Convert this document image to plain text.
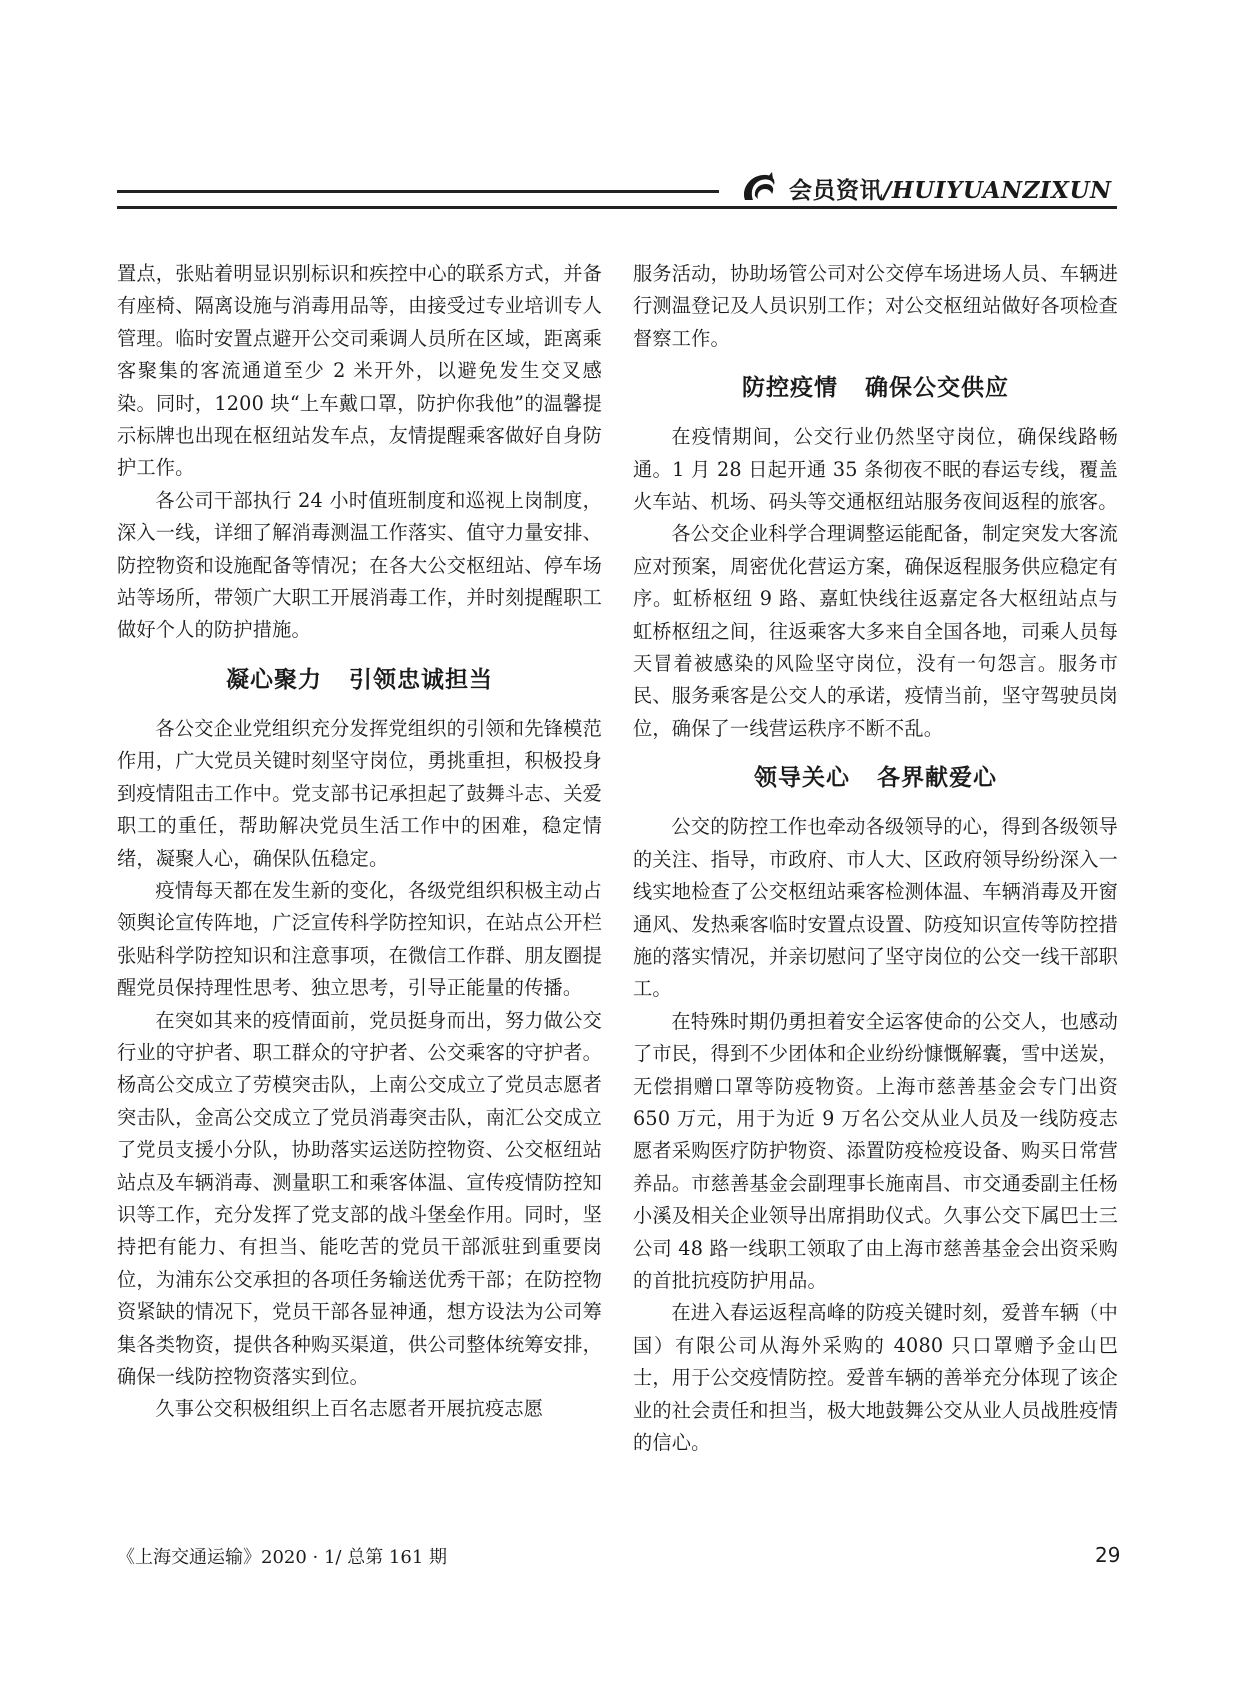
会员资讯/HUIYUANZIXUN

置点，张贴着明显识别标识和疾控中心的联系方式，并备有座椅、隔离设施与消毒用品等，由接受过专业培训专人管理。临时安置点避开公交司乘调人员所在区域，距离乘客聚集的客流通道至少 2 米开外，以避免发生交叉感染。同时，1200 块“上车戴口罩，防护你我他”的温馨提示标牌也出现在枢纽站发车点，友情提醒乘客做好自身防护工作。

各公司干部执行 24 小时值班制度和巡视上岗制度，深入一线，详细了解消毒测温工作落实、值守力量安排、防控物资和设施配备等情况；在各大公交枢纽站、停车场站等场所，带领广大职工开展消毒工作，并时刻提醒职工做好个人的防护措施。

凝心聚力   引领忠诚担当

各公交企业党组织充分发挥党组织的引领和先锋模范作用，广大党员关键时刻坚守岗位，勇挑重担，积极投身到疫情阻击工作中。党支部书记承担起了鼓舞斗志、关爱职工的重任，帮助解决党员生活工作中的困难，稳定情绪，凝聚人心，确保队伍稳定。

疫情每天都在发生新的变化，各级党组织积极主动占领舆论宣传阵地，广泛宣传科学防控知识，在站点公开栏张贴科学防控知识和注意事项，在微信工作群、朋友圈提醒党员保持理性思考、独立思考，引导正能量的传播。

在突如其来的疫情面前，党员挺身而出，努力做公交行业的守护者、职工群众的守护者、公交乘客的守护者。杨高公交成立了劳模突击队，上南公交成立了党员志愿者突击队，金高公交成立了党员消毒突击队，南汇公交成立了党员支援小分队，协助落实运送防控物资、公交枢纽站站点及车辆消毒、测量职工和乘客体温、宣传疫情防控知识等工作，充分发挥了党支部的战斗堡垒作用。同时，坚持把有能力、有担当、能吃苦的党员干部派驻到重要岗位，为浦东公交承担的各项任务输送优秀干部；在防控物资紧缺的情况下，党员干部各显神通，想方设法为公司筹集各类物资，提供各种购买渠道，供公司整体统筹安排，确保一线防控物资落实到位。

久事公交积极组织上百名志愿者开展抗疫志愿

服务活动，协助场管公司对公交停车场进场人员、车辆进行测温登记及人员识别工作；对公交枢纽站做好各项检查督察工作。

防控疫情   确保公交供应

在疫情期间，公交行业仍然坚守岗位，确保线路畅通。1 月 28 日起开通 35 条彻夜不眠的春运专线，覆盖火车站、机场、码头等交通枢纽站服务夜间返程的旅客。

各公交企业科学合理调整运能配备，制定突发大客流应对预案，周密优化营运方案，确保返程服务供应稳定有序。虹桥枢纽 9 路、嘉虹快线往返嘉定各大枢纽站点与虹桥枢纽之间，往返乘客大多来自全国各地，司乘人员每天冒着被感染的风险坚守岗位，没有一句怨言。服务市民、服务乘客是公交人的承诺，疫情当前，坚守驾驶员岗位，确保了一线营运秩序不断不乱。

领导关心   各界献爱心

公交的防控工作也牵动各级领导的心，得到各级领导的关注、指导，市政府、市人大、区政府领导纷纷深入一线实地检查了公交枢纽站乘客检测体温、车辆消毒及开窗通风、发热乘客临时安置点设置、防疫知识宣传等防控措施的落实情况，并亲切慰问了坚守岗位的公交一线干部职工。

在特殊时期仍勇担着安全运客使命的公交人，也感动了市民，得到不少团体和企业纷纷慷慨解囊，雪中送炭，无偿捐赠口罩等防疫物资。上海市慈善基金会专门出资 650 万元，用于为近 9 万名公交从业人员及一线防疫志愿者采购医疗防护物资、添置防疫检疫设备、购买日常营养品。市慈善基金会副理事长施南昌、市交通委副主任杨小溪及相关企业领导出席捐助仪式。久事公交下属巴士三公司 48 路一线职工领取了由上海市慈善基金会出资采购的首批抗疫防护用品。

在进入春运返程高峰的防疫关键时刻，爱普车辆（中国）有限公司从海外采购的 4080 只口罩赠予金山巴士，用于公交疫情防控。爱普车辆的善举充分体现了该企业的社会责任和担当，极大地鼓舞公交从业人员战胜疫情的信心。

《上海交通运输》2020 · 1/ 总第 161 期	29
